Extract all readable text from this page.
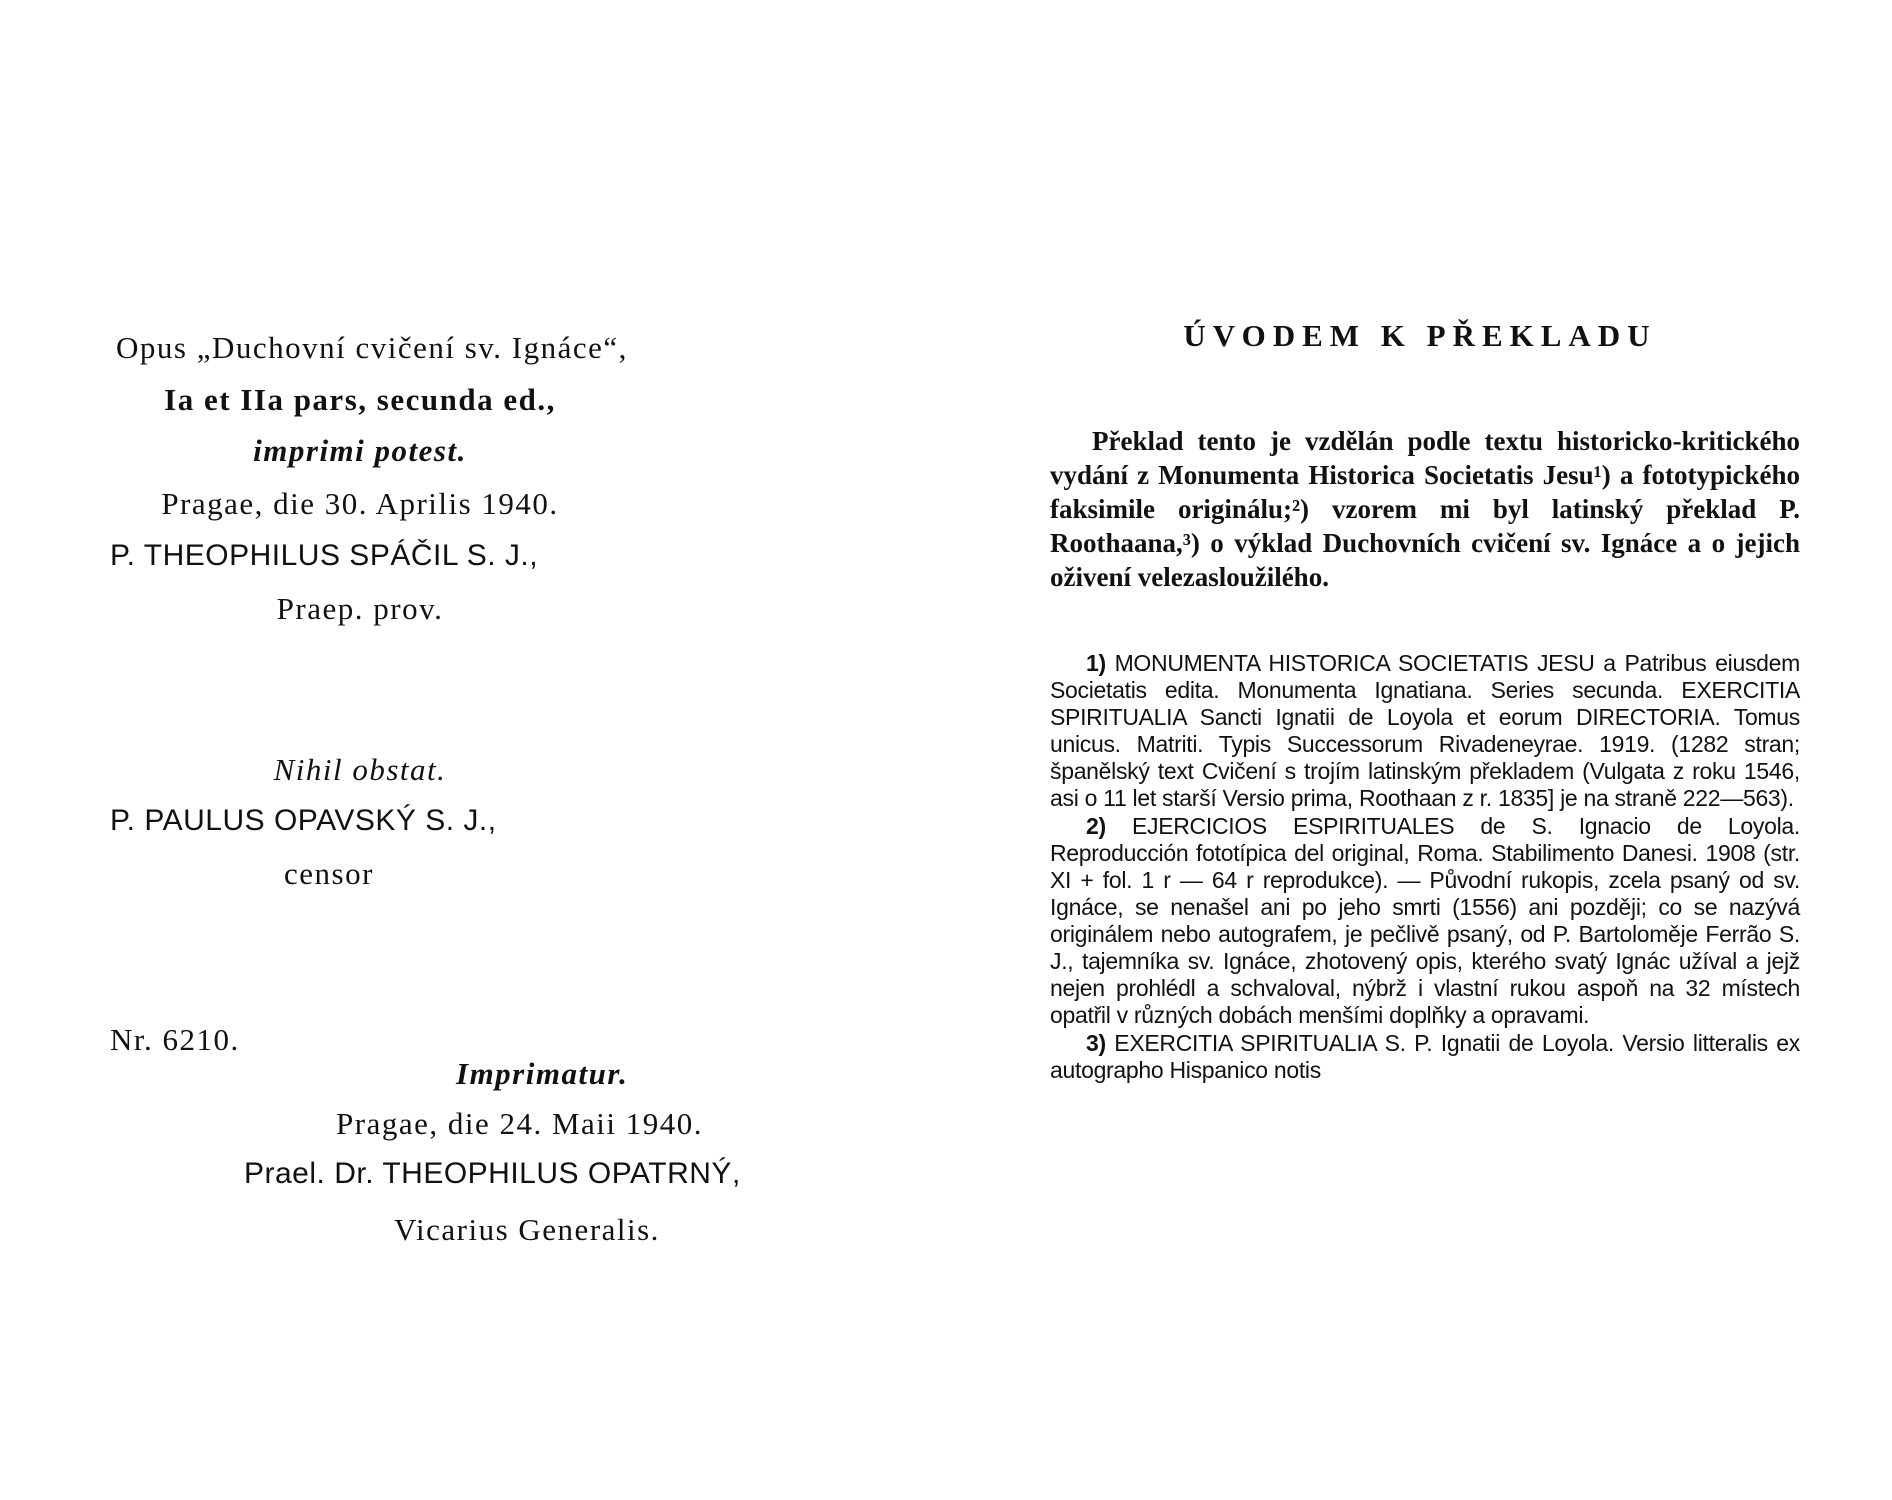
Opus „Duchovní cvičení sv. Ignáce“,
Ia et IIa pars, secunda ed.,
imprimi potest.
Pragae, die 30. Aprilis 1940.
P. THEOPHILUS SPÁČIL S. J.,
Praep. prov.
Nihil obstat.
P. PAULUS OPAVSKÝ S. J.,
censor
Nr. 6210.
Imprimatur.
Pragae, die 24. Maii 1940.
Prael. Dr. THEOPHILUS OPATRNÝ,
Vicarius Generalis.
ÚVODEM K PŘEKLADU

Překlad tento je vzdělán podle textu historicko-kritického vydání z Monumenta Historica Societatis Jesu¹) a fototypického faksimile originálu;²) vzorem mi byl latinský překlad P. Roothaana,³) o výklad Duchovních cvičení sv. Ignáce a o jejich oživení velezasloužilého.

1) MONUMENTA HISTORICA SOCIETATIS JESU a Patribus eiusdem Societatis edita. Monumenta Ignatiana. Series secunda. EXERCITIA SPIRITUALIA Sancti Ignatii de Loyola et eorum DIRECTORIA. Tomus unicus. Matriti. Typis Successorum Rivadeneyrae. 1919. (1282 stran; španělský text Cvičení s trojím latinským překladem (Vulgata z roku 1546, asi o 11 let starší Versio prima, Roothaan z r. 1835] je na straně 222—563).

2) EJERCICIOS ESPIRITUALES de S. Ignacio de Loyola. Reproducción fototípica del original, Roma. Stabilimento Danesi. 1908 (str. XI + fol. 1 r — 64 r reprodukce). — Původní rukopis, zcela psaný od sv. Ignáce, se nenašel ani po jeho smrti (1556) ani později; co se nazývá originálem nebo autografem, je pečlivě psaný, od P. Bartoloměje Ferrão S. J., tajemníka sv. Ignáce, zhotovený opis, kterého svatý Ignác užíval a jejž nejen prohlédl a schvaloval, nýbrž i vlastní rukou aspoň na 32 místech opatřil v různých dobách menšími doplňky a opravami.

3) EXERCITIA SPIRITUALIA S. P. Ignatii de Loyola. Versio litteralis ex autographo Hispanico notis
